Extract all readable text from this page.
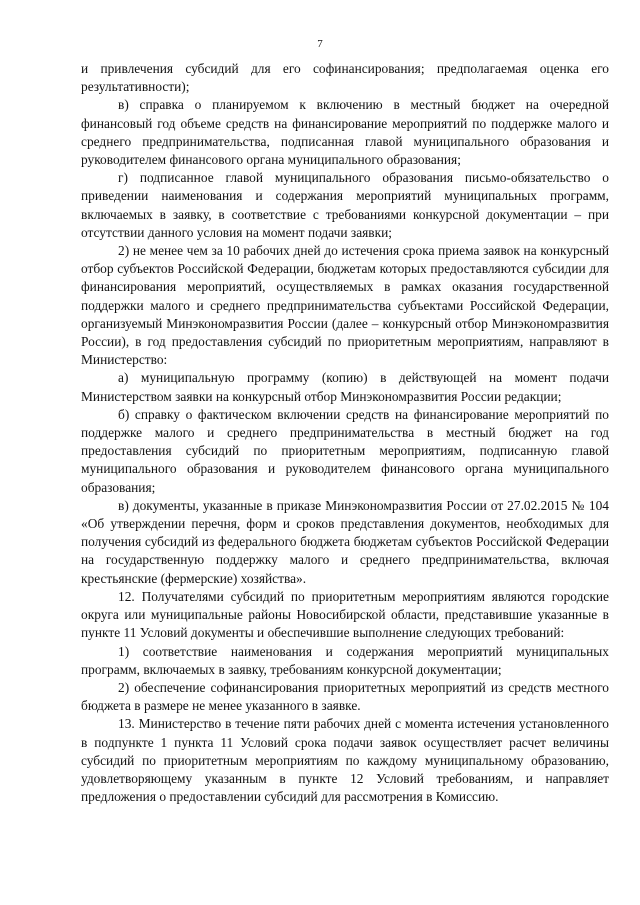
7

и привлечения субсидий для его софинансирования; предполагаемая оценка его результативности);

в) справка о планируемом к включению в местный бюджет на очередной финансовый год объеме средств на финансирование мероприятий по поддержке малого и среднего предпринимательства, подписанная главой муниципального образования и руководителем финансового органа муниципального образования;

г) подписанное главой муниципального образования письмо-обязательство о приведении наименования и содержания мероприятий муниципальных программ, включаемых в заявку, в соответствие с требованиями конкурсной документации – при отсутствии данного условия на момент подачи заявки;

2) не менее чем за 10 рабочих дней до истечения срока приема заявок на конкурсный отбор субъектов Российской Федерации, бюджетам которых предоставляются субсидии для финансирования мероприятий, осуществляемых в рамках оказания государственной поддержки малого и среднего предпринимательства субъектами Российской Федерации, организуемый Минэкономразвития России (далее – конкурсный отбор Минэкономразвития России), в год предоставления субсидий по приоритетным мероприятиям, направляют в Министерство:

а) муниципальную программу (копию) в действующей на момент подачи Министерством заявки на конкурсный отбор Минэкономразвития России редакции;

б) справку о фактическом включении средств на финансирование мероприятий по поддержке малого и среднего предпринимательства в местный бюджет на год предоставления субсидий по приоритетным мероприятиям, подписанную главой муниципального образования и руководителем финансового органа муниципального образования;

в) документы, указанные в приказе Минэкономразвития России от 27.02.2015 № 104 «Об утверждении перечня, форм и сроков представления документов, необходимых для получения субсидий из федерального бюджета бюджетам субъектов Российской Федерации на государственную поддержку малого и среднего предпринимательства, включая крестьянские (фермерские) хозяйства».

12. Получателями субсидий по приоритетным мероприятиям являются городские округа или муниципальные районы Новосибирской области, представившие указанные в пункте 11 Условий документы и обеспечившие выполнение следующих требований:

1) соответствие наименования и содержания мероприятий муниципальных программ, включаемых в заявку, требованиям конкурсной документации;

2) обеспечение софинансирования приоритетных мероприятий из средств местного бюджета в размере не менее указанного в заявке.

13. Министерство в течение пяти рабочих дней с момента истечения установленного в подпункте 1 пункта 11 Условий срока подачи заявок осуществляет расчет величины субсидий по приоритетным мероприятиям по каждому муниципальному образованию, удовлетворяющему указанным в пункте 12 Условий требованиям, и направляет предложения о предоставлении субсидий для рассмотрения в Комиссию.
